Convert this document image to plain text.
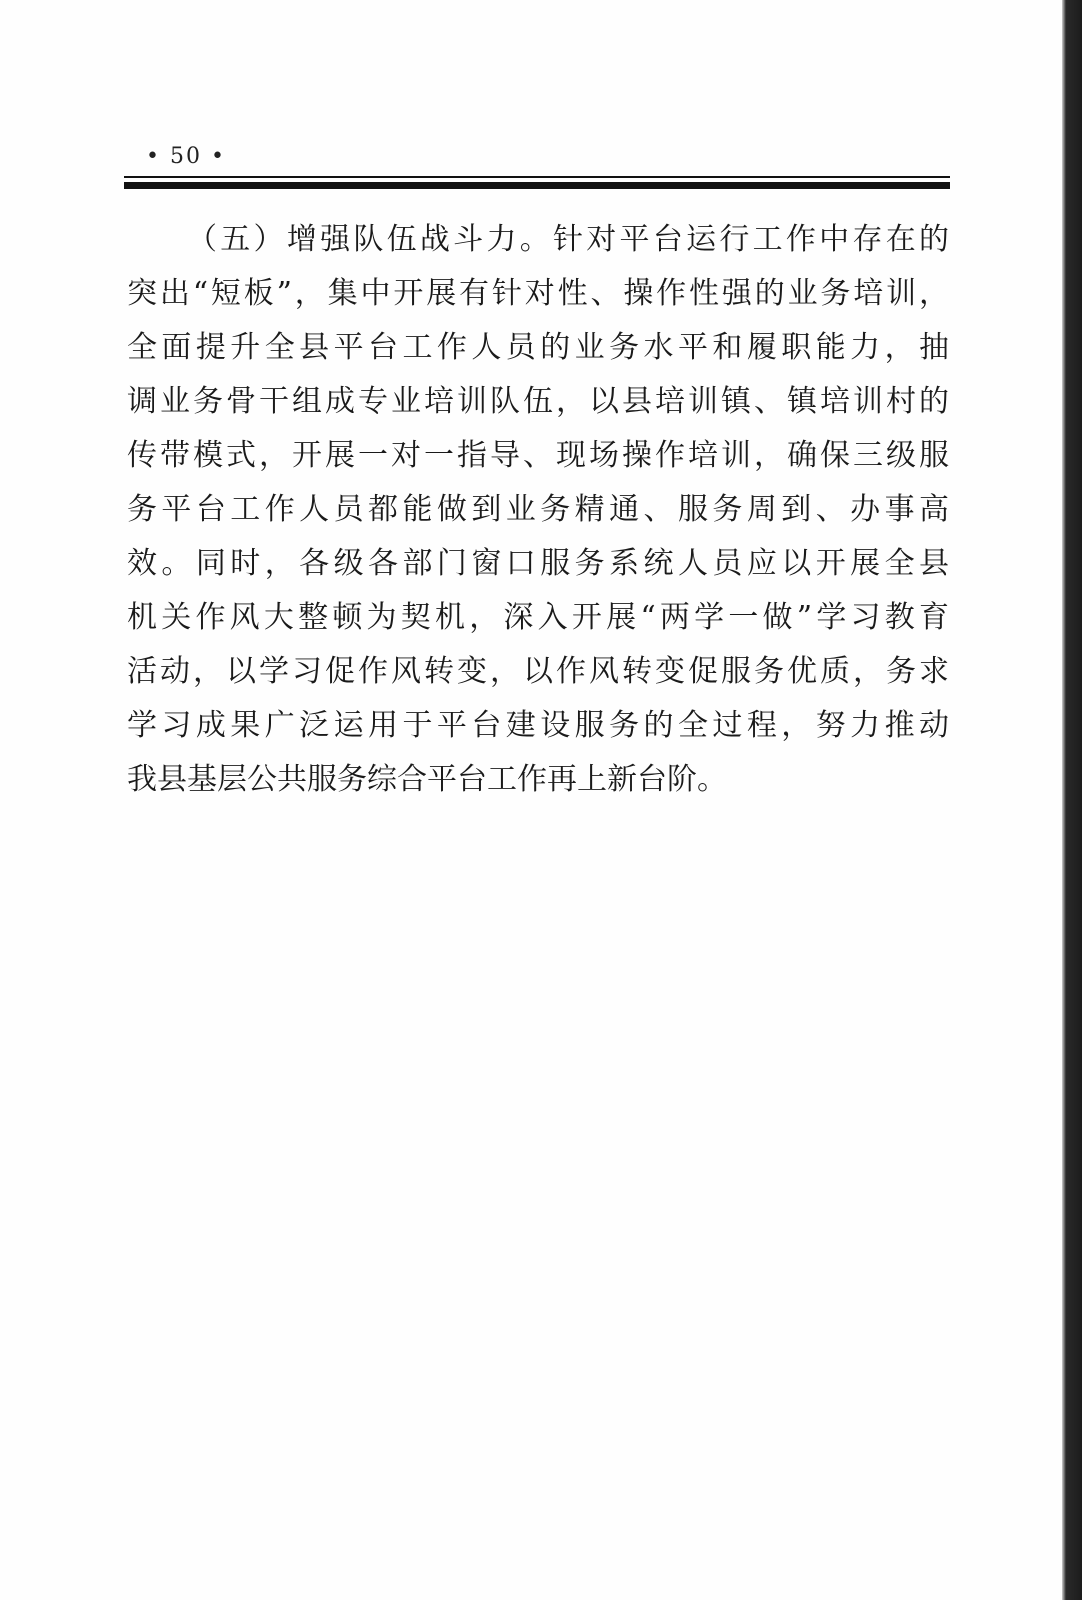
• 50 •
（五）增强队伍战斗力。针对平台运行工作中存在的
突出“短板”，集中开展有针对性、操作性强的业务培训，
全面提升全县平台工作人员的业务水平和履职能力，抽
调业务骨干组成专业培训队伍，以县培训镇、镇培训村的
传带模式，开展一对一指导、现场操作培训，确保三级服
务平台工作人员都能做到业务精通、服务周到、办事高
效。同时，各级各部门窗口服务系统人员应以开展全县
机关作风大整顿为契机，深入开展“两学一做”学习教育
活动，以学习促作风转变，以作风转变促服务优质，务求
学习成果广泛运用于平台建设服务的全过程，努力推动
我县基层公共服务综合平台工作再上新台阶。
